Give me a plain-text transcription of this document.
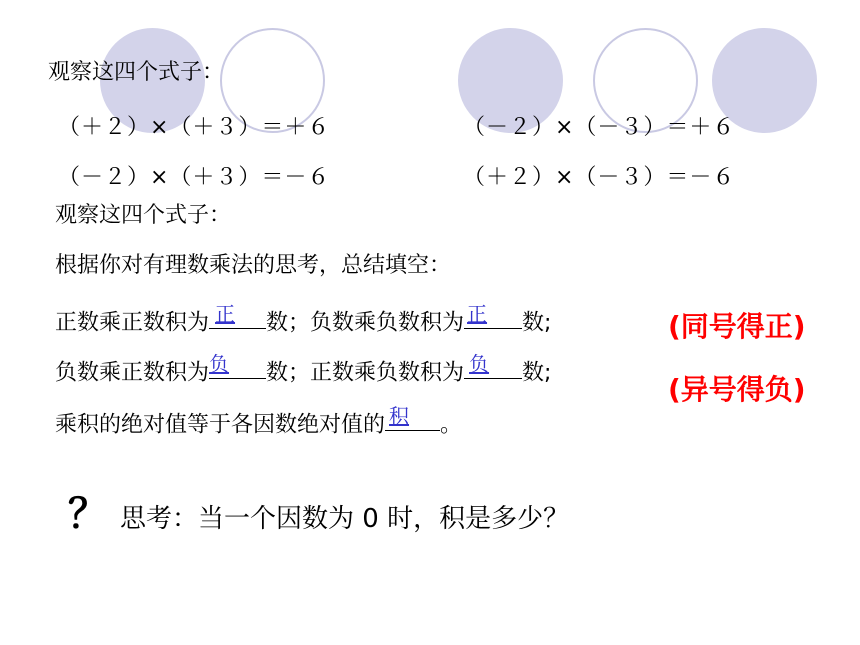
观察这四个式子：
（＋２）×（＋３）＝＋６	（－２）×（－３）＝＋６
（－２）×（＋３）＝－６	（＋２）×（－３）＝－６
观察这四个式子：
根据你对有理数乘法的思考，总结填空：
正数乘正数积为 正 数；负数乘负数积为 正 数;	(同号得正)
负数乘正数积为 负 数；正数乘负数积为 负 数;
(异号得负)
乘积的绝对值等于各因数绝对值的 积 。
？ 思考：当一个因数为 0 时，积是多少？
